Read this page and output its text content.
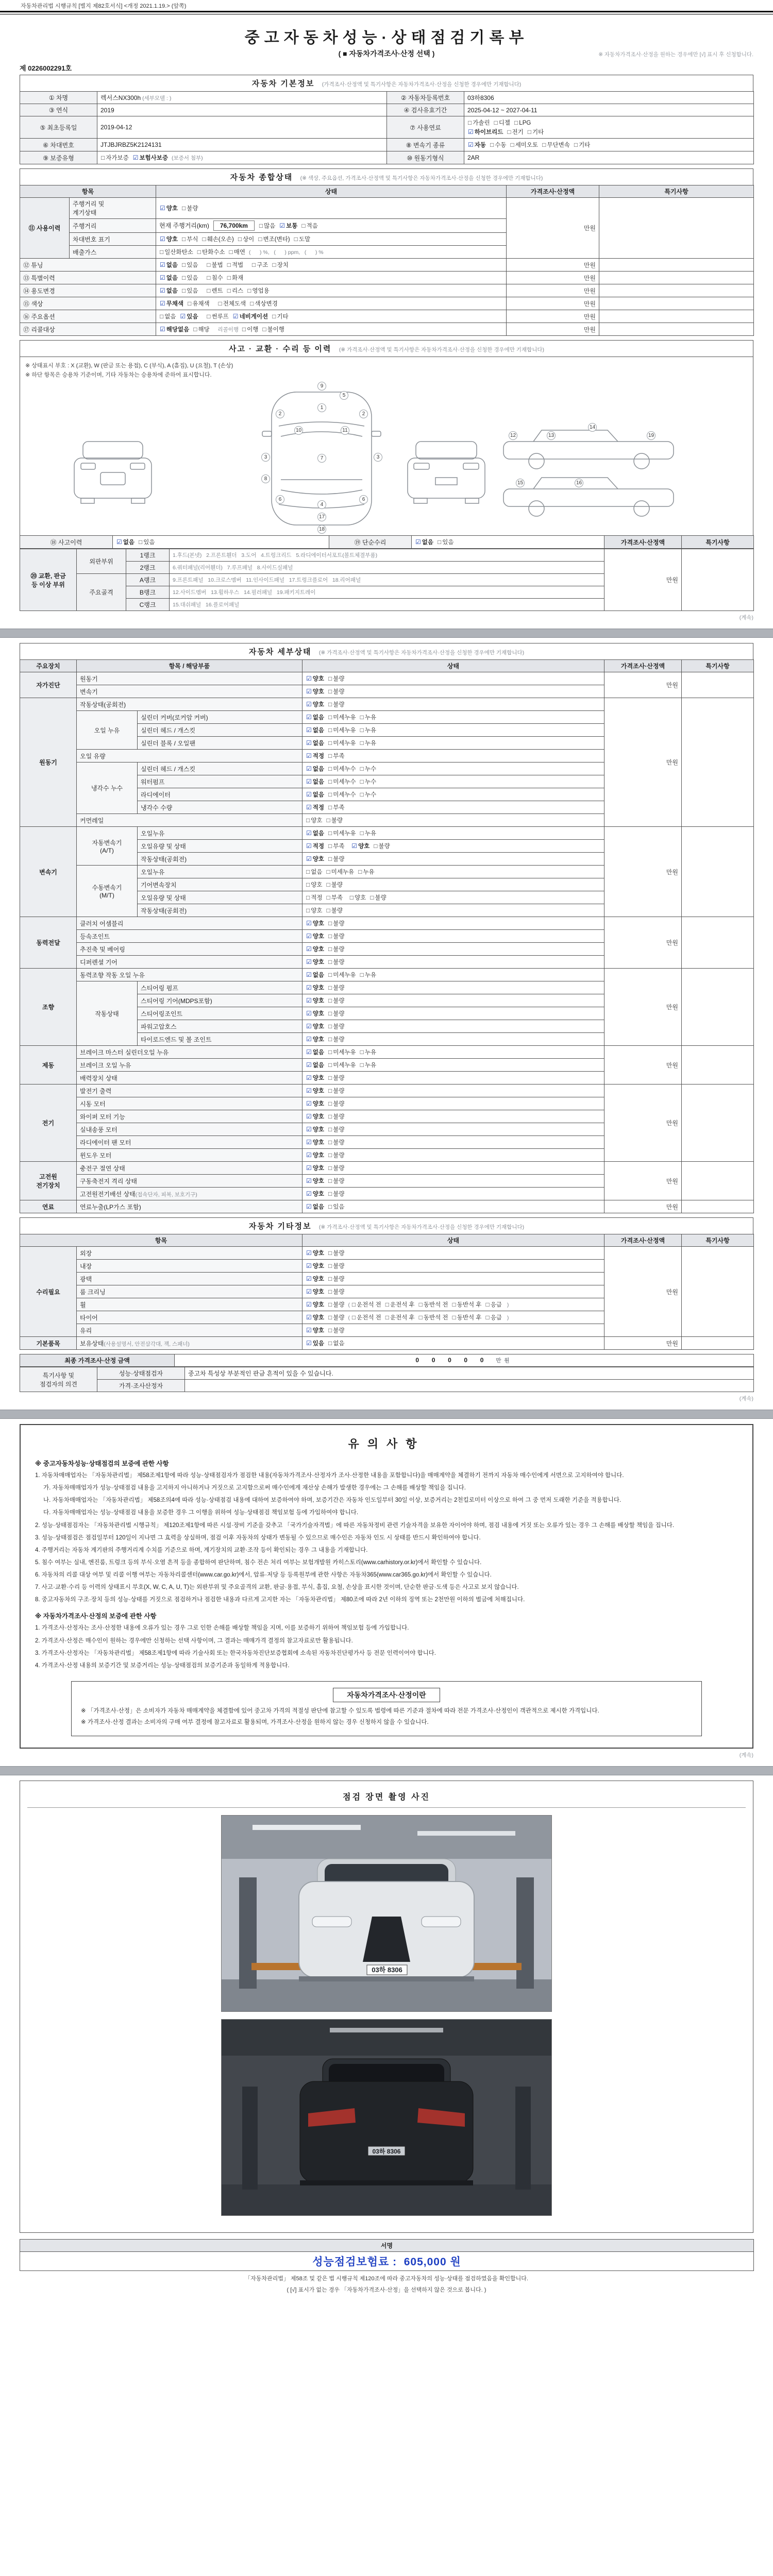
자동차관리법 시행규칙 [별지 제82호서식] <개정 2021.1.19.> (앞쪽)
중고자동차성능·상태점검기록부
( ■ 자동차가격조사·산정 선택 )	※ 자동차가격조사·산정을 원하는 경우에만 [√] 표시 후 신청합니다.
제 0226002291호
자동차 기본정보 (가격조사·산정액 및 특기사항은 자동차가격조사·산정을 신청한 경우에만 기재합니다)
① 차명	렉서스NX300h (세부모델 : )	② 자동차등록번호	03하8306
③ 연식	2019	④ 검사유효기간	2025-04-12 ~ 2027-04-11
⑤ 최초등록일	2019-04-12	⑦ 사용연료	□ 가솔린 □ 디젤 □ LPG
☑ 하이브리드 □ 전기 □ 기타
⑥ 차대번호	JTJBJRBZ5K2124131	⑧ 변속기 종류	☑ 자동 □ 수동 □ 세미오토 □ 무단변속 □ 기타
⑨ 보증유형	□ 자가보증 ☑ 보험사보증 (보증서 첨부)	⑩ 원동기형식	2AR
자동차 종합상태 (※ 색상, 주요옵션, 가격조사·산정액 및 특기사항은 자동차가격조사·산정을 신청한 경우에만 기재합니다)
항목		상태	가격조사·산정액	특기사항
⑪ 사용이력	주행거리 및
계기상태	☑ 양호 □ 불량	만원	
	주행거리	현재 주행거리(km) 76,700km □ 많음 ☑ 보통 □ 적음		
	차대번호 표기	☑ 양호 □ 부식 □ 훼손(오손) □ 상이 □ 변조(변타) □ 도말		
	배출가스	□ 일산화탄소 □ 탄화수소 □ 매연 (      ) %,   (      ) ppm,   (      ) %		
⑫ 튜닝		☑ 없음 □ 있음 □ 불법 □ 적법 □ 구조 □ 장치	만원	
⑬ 특별이력		☑ 없음 □ 있음 □ 침수 □ 화재	만원	
⑭ 용도변경		☑ 없음 □ 있음 □ 렌트 □ 리스 □ 영업용	만원	
⑮ 색상		☑ 무채색 □ 유채색 □ 전체도색 □ 색상변경	만원	
⑯ 주요옵션		□ 없음 ☑ 있음 □ 썬루프 ☑ 네비게이션 □ 기타	만원	
⑰ 리콜대상		☑ 해당없음 □ 해당   리콜이행  □ 이행 □ 불이행	만원	
사고 · 교환 · 수리 등 이력 (※ 가격조사·산정액 및 특기사항은 자동차가격조사·산정을 신청한 경우에만 기재합니다)
※ 상태표시 부호 : X (교환), W (판금 또는 용접), C (부식), A (흠집), U (요철), T (손상)
※ 하단 항목은 승용차 기준이며, 기타 자동차는 승용차에 준하여 표시합니다.
9
5
1
2	2
10	11
3	3
7
8
6	6
4
17
18
12	13
14
19
15	16
⑱ 사고이력	☑ 없음 □ 있음	⑲ 단순수리	☑ 없음 □ 있음	가격조사·산정액	특기사항
⑳ 교환, 판금
등 이상 부위	외판부위	1랭크	1.후드(본넷)   2.프론트휀더   3.도어   4.트렁크리드   5.라디에이터서포트(볼트체결부품)	만원	
		2랭크	6.쿼터패널(리어휀더)   7.루프패널   8.사이드실패널		
	주요골격	A랭크	9.프론트패널   10.크로스멤버   11.인사이드패널   17.트렁크플로어   18.리어패널		
		B랭크	12.사이드멤버   13.휠하우스   14.필러패널   19.패키지트레이		
		C랭크	15.대쉬패널   16.플로어패널		
(계속)
자동차 세부상태 (※ 가격조사·산정액 및 특기사항은 자동차가격조사·산정을 신청한 경우에만 기재합니다)
주요장치	항목 / 해당부품		상태	가격조사·산정액	특기사항
자가진단	원동기		☑ 양호 □ 불량	만원	
	변속기		☑ 양호 □ 불량		
원동기	작동상태(공회전)		☑ 양호 □ 불량	만원	
	오일 누유	실린더 커버(로커암 커버)	☑ 없음 □ 미세누유 □ 누유		
		실린더 헤드 / 개스킷	☑ 없음 □ 미세누유 □ 누유		
		실린더 블록 / 오일팬	☑ 없음 □ 미세누유 □ 누유		
	오일 유량		☑ 적정 □ 부족		
	냉각수 누수	실린더 헤드 / 개스킷	☑ 없음 □ 미세누수 □ 누수		
		워터펌프	☑ 없음 □ 미세누수 □ 누수		
		라디에이터	☑ 없음 □ 미세누수 □ 누수		
		냉각수 수량	☑ 적정 □ 부족		
	커먼레일		□ 양호 □ 불량		
변속기	자동변속기
(A/T)	오일누유	☑ 없음 □ 미세누유 □ 누유	만원	
		오일유량 및 상태	☑ 적정 □ 부족 ☑ 양호 □ 불량		
		작동상태(공회전)	☑ 양호 □ 불량		
	수동변속기
(M/T)	오일누유	□ 없음 □ 미세누유 □ 누유		
		기어변속장치	□ 양호 □ 불량		
		오일유량 및 상태	□ 적정 □ 부족 □ 양호 □ 불량		
		작동상태(공회전)	□ 양호 □ 불량		
동력전달	클러치 어셈블리		☑ 양호 □ 불량	만원	
	등속조인트		☑ 양호 □ 불량		
	추진축 및 베어링		☑ 양호 □ 불량		
	디퍼렌셜 기어		☑ 양호 □ 불량		
조향	동력조향 작동 오일 누유		☑ 없음 □ 미세누유 □ 누유	만원	
	작동상태	스티어링 펌프	☑ 양호 □ 불량		
		스티어링 기어(MDPS포함)	☑ 양호 □ 불량		
		스티어링조인트	☑ 양호 □ 불량		
		파워고압호스	☑ 양호 □ 불량		
		타이로드엔드 및 볼 조인트	☑ 양호 □ 불량		
제동	브레이크 마스터 실린더오일 누유		☑ 없음 □ 미세누유 □ 누유	만원	
	브레이크 오일 누유		☑ 없음 □ 미세누유 □ 누유		
	배력장치 상태		☑ 양호 □ 불량		
전기	발전기 출력		☑ 양호 □ 불량	만원	
	시동 모터		☑ 양호 □ 불량		
	와이퍼 모터 기능		☑ 양호 □ 불량		
	실내송풍 모터		☑ 양호 □ 불량		
	라디에이터 팬 모터		☑ 양호 □ 불량		
	윈도우 모터		☑ 양호 □ 불량		
고전원
전기장치	충전구 절연 상태		☑ 양호 □ 불량	만원	
	구동축전지 격리 상태		☑ 양호 □ 불량		
	고전원전기배선 상태(접속단자, 피복, 보호기구)		☑ 양호 □ 불량		
연료	연료누출(LP가스 포함)		☑ 없음 □ 있음	만원	
자동차 기타정보 (※ 가격조사·산정액 및 특기사항은 자동차가격조사·산정을 신청한 경우에만 기재합니다)
항목		상태	가격조사·산정액	특기사항
수리필요	외장	☑ 양호 □ 불량	만원	
	내장	☑ 양호 □ 불량		
	광택	☑ 양호 □ 불량		
	룸 크리닝	☑ 양호 □ 불량		
	휠	☑ 양호 □ 불량 ( □ 운전석 전 □ 운전석 후 □ 동반석 전 □ 동반석 후 □ 응급 )		
	타이어	☑ 양호 □ 불량 ( □ 운전석 전 □ 운전석 후 □ 동반석 전 □ 동반석 후 □ 응급 )		
	유리	☑ 양호 □ 불량		
기본품목	보유상태(사용설명서, 안전삼각대, 잭, 스패너)	☑ 있음 □ 없음	만원	
최종 가격조사·산정 금액	0  0  0  0  0  만원
특기사항 및
점검자의 의견	성능·상태점검자	중고차 특성상 부분적인 판금 흔적이 있을 수 있습니다.
	가격·조사산정자	
(계속)
유의사항
※ 중고자동차성능·상태점검의 보증에 관한 사항

1. 자동차매매업자는 「자동차관리법」 제58조제1항에 따라 성능·상태점검자가 점검한 내용(자동차가격조사·산정자가 조사·산정한 내용을 포함합니다)을 매매계약을 체결하기 전까지 자동차 매수인에게 서면으로 고지하여야 합니다.

가. 자동차매매업자가 성능·상태점검 내용을 고지하지 아니하거나 거짓으로 고지함으로써 매수인에게 재산상 손해가 발생한 경우에는 그 손해를 배상할 책임을 집니다.

나. 자동차매매업자는 「자동차관리법」 제58조의4에 따라 성능·상태점검 내용에 대하여 보증하여야 하며, 보증기간은 자동차 인도일부터 30일 이상, 보증거리는 2천킬로미터 이상으로 하여 그 중 먼저 도래한 기준을 적용합니다.

다. 자동차매매업자는 성능·상태점검 내용을 보증한 경우 그 이행을 위하여 성능·상태점검 책임보험 등에 가입하여야 합니다.

2. 성능·상태점검자는 「자동차관리법 시행규칙」 제120조제1항에 따른 시설·장비 기준을 갖추고 「국가기술자격법」에 따른 자동차정비 관련 기술자격을 보유한 자이어야 하며, 점검 내용에 거짓 또는 오류가 있는 경우 그 손해를 배상할 책임을 집니다.

3. 성능·상태점검은 점검일부터 120일이 지나면 그 효력을 상실하며, 점검 이후 자동차의 상태가 변동될 수 있으므로 매수인은 자동차 인도 시 상태를 반드시 확인하여야 합니다.

4. 주행거리는 자동차 계기판의 주행거리계 수치를 기준으로 하며, 계기장치의 교환·조작 등이 확인되는 경우 그 내용을 기재합니다.

5. 침수 여부는 실내, 엔진룸, 트렁크 등의 부식·오염 흔적 등을 종합하여 판단하며, 침수 전손 처리 여부는 보험개발원 카히스토리(www.carhistory.or.kr)에서 확인할 수 있습니다.

6. 자동차의 리콜 대상 여부 및 리콜 이행 여부는 자동차리콜센터(www.car.go.kr)에서, 압류·저당 등 등록원부에 관한 사항은 자동차365(www.car365.go.kr)에서 확인할 수 있습니다.

7. 사고·교환·수리 등 이력의 상태표시 부호(X, W, C, A, U, T)는 외판부위 및 주요골격의 교환, 판금·용접, 부식, 흠집, 요철, 손상을 표시한 것이며, 단순한 판금·도색 등은 사고로 보지 않습니다.

8. 중고자동차의 구조·장치 등의 성능·상태를 거짓으로 점검하거나 점검한 내용과 다르게 고지한 자는 「자동차관리법」 제80조에 따라 2년 이하의 징역 또는 2천만원 이하의 벌금에 처해집니다.

※ 자동차가격조사·산정의 보증에 관한 사항

1. 가격조사·산정자는 조사·산정한 내용에 오류가 있는 경우 그로 인한 손해를 배상할 책임을 지며, 이를 보증하기 위하여 책임보험 등에 가입합니다.

2. 가격조사·산정은 매수인이 원하는 경우에만 신청하는 선택 사항이며, 그 결과는 매매가격 결정의 참고자료로만 활용됩니다.

3. 가격조사·산정자는 「자동차관리법」 제58조제1항에 따라 기술사회 또는 한국자동차진단보증협회에 소속된 자동차진단평가사 등 전문 인력이어야 합니다.

4. 가격조사·산정 내용의 보증기간 및 보증거리는 성능·상태점검의 보증기준과 동일하게 적용합니다.

자동차가격조사·산정이란

※ 「가격조사·산정」은 소비자가 자동차 매매계약을 체결함에 있어 중고차 가격의 적절성 판단에 참고할 수 있도록 법령에 따른 기준과 절차에 따라 전문 가격조사·산정인이 객관적으로 제시한 가격입니다.

※ 가격조사·산정 결과는 소비자의 구매 여부 결정에 참고자료로 활용되며, 가격조사·산정을 원하지 않는 경우 신청하지 않을 수 있습니다.

(계속)
점검 장면 촬영 사진
03하 8306
03하 8306
서명
성능점검보험료 :  605,000 원
「자동차관리법」 제58조 및 같은 법 시행규칙 제120조에 따라 중고자동차의 성능·상태를 점검하였음을 확인합니다.
( [√] 표시가 없는 경우 「자동차가격조사·산정」을 선택하지 않은 것으로 봅니다. )
